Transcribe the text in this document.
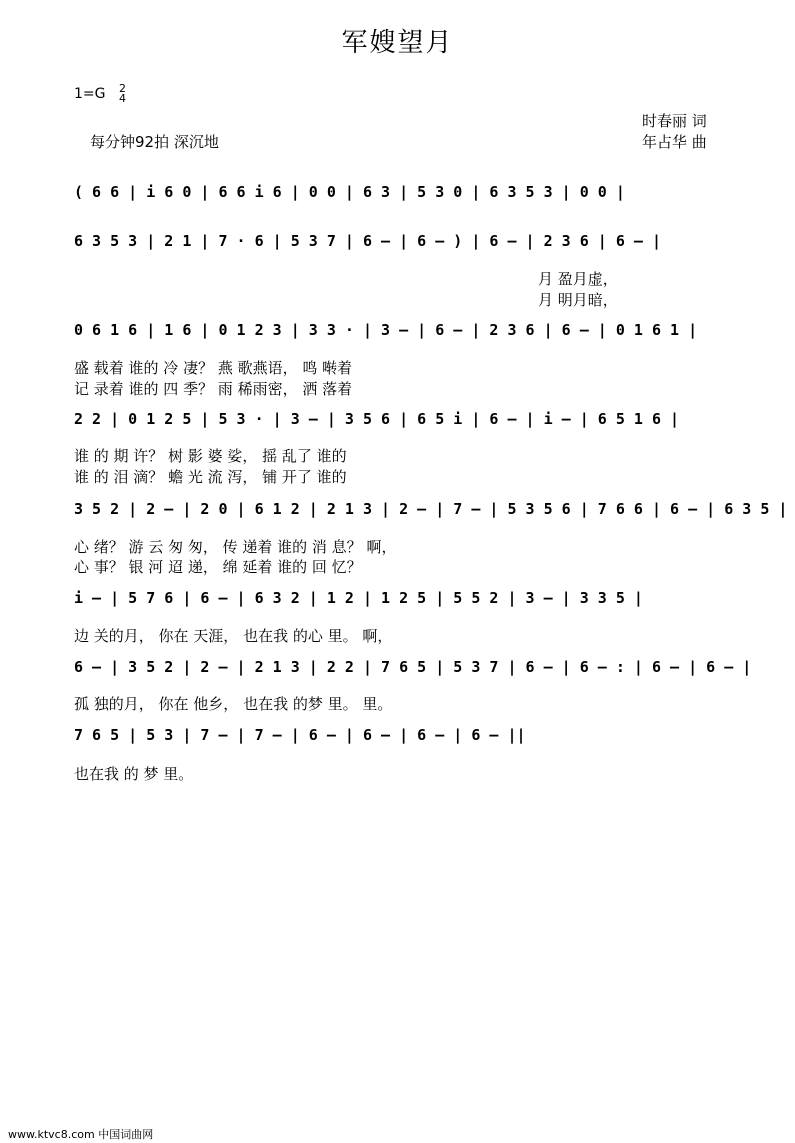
军嫂望月
1=G 2
4
每分钟92拍 深沉地
时春丽 词
年占华 曲
( 6 6 | i 6 0 | 6 6 i 6 | 0 0 | 6 3 | 5 3 0 | 6 3 5 3 | 0 0 |
6 3 5 3 | 2 1 | 7 · 6 | 5 3 7 | 6 — | 6 — ) | 6 — | 2 3 6 | 6 — |
月 盈月虚，
月 明月暗，
0 6 1 6 | 1 6 | 0 1 2 3 | 3 3 · | 3 — | 6 — | 2 3 6 | 6 — | 0 1 6 1 |
盛 载着 谁的 冷 凄？ 燕 歌燕语， 鸣 啭着
记 录着 谁的 四 季？ 雨 稀雨密， 洒 落着
2 2 | 0 1 2 5 | 5 3 · | 3 — | 3 5 6 | 6 5 i | 6 — | i — | 6 5 1 6 |
谁 的 期 许？ 树 影 婆 娑， 摇 乱了 谁的
谁 的 泪 滴？ 蟾 光 流 泻， 铺 开了 谁的
3 5 2 | 2 — | 2 0 | 6 1 2 | 2 1 3 | 2 — | 7 — | 5 3 5 6 | 7 6 6 | 6 — | 6 3 5 |
心 绪？ 游 云 匆 匆， 传 递着 谁的 消 息？ 啊，
心 事？ 银 河 迢 递， 绵 延着 谁的 回 忆？
i — | 5 7 6 | 6 — | 6 3 2 | 1 2 | 1 2 5 | 5 5 2 | 3 — | 3 3 5 |
边 关的月， 你在 天涯， 也在我 的心 里。 啊，
6 — | 3 5 2 | 2 — | 2 1 3 | 2 2 | 7 6 5 | 5 3 7 | 6 — | 6 — : | 6 — | 6 — |
孤 独的月， 你在 他乡， 也在我 的梦 里。 里。
7 6 5 | 5 3 | 7 — | 7 — | 6 — | 6 — | 6 — | 6 — ||
也在我 的 梦 里。
www.ktvc8.com 中国词曲网
